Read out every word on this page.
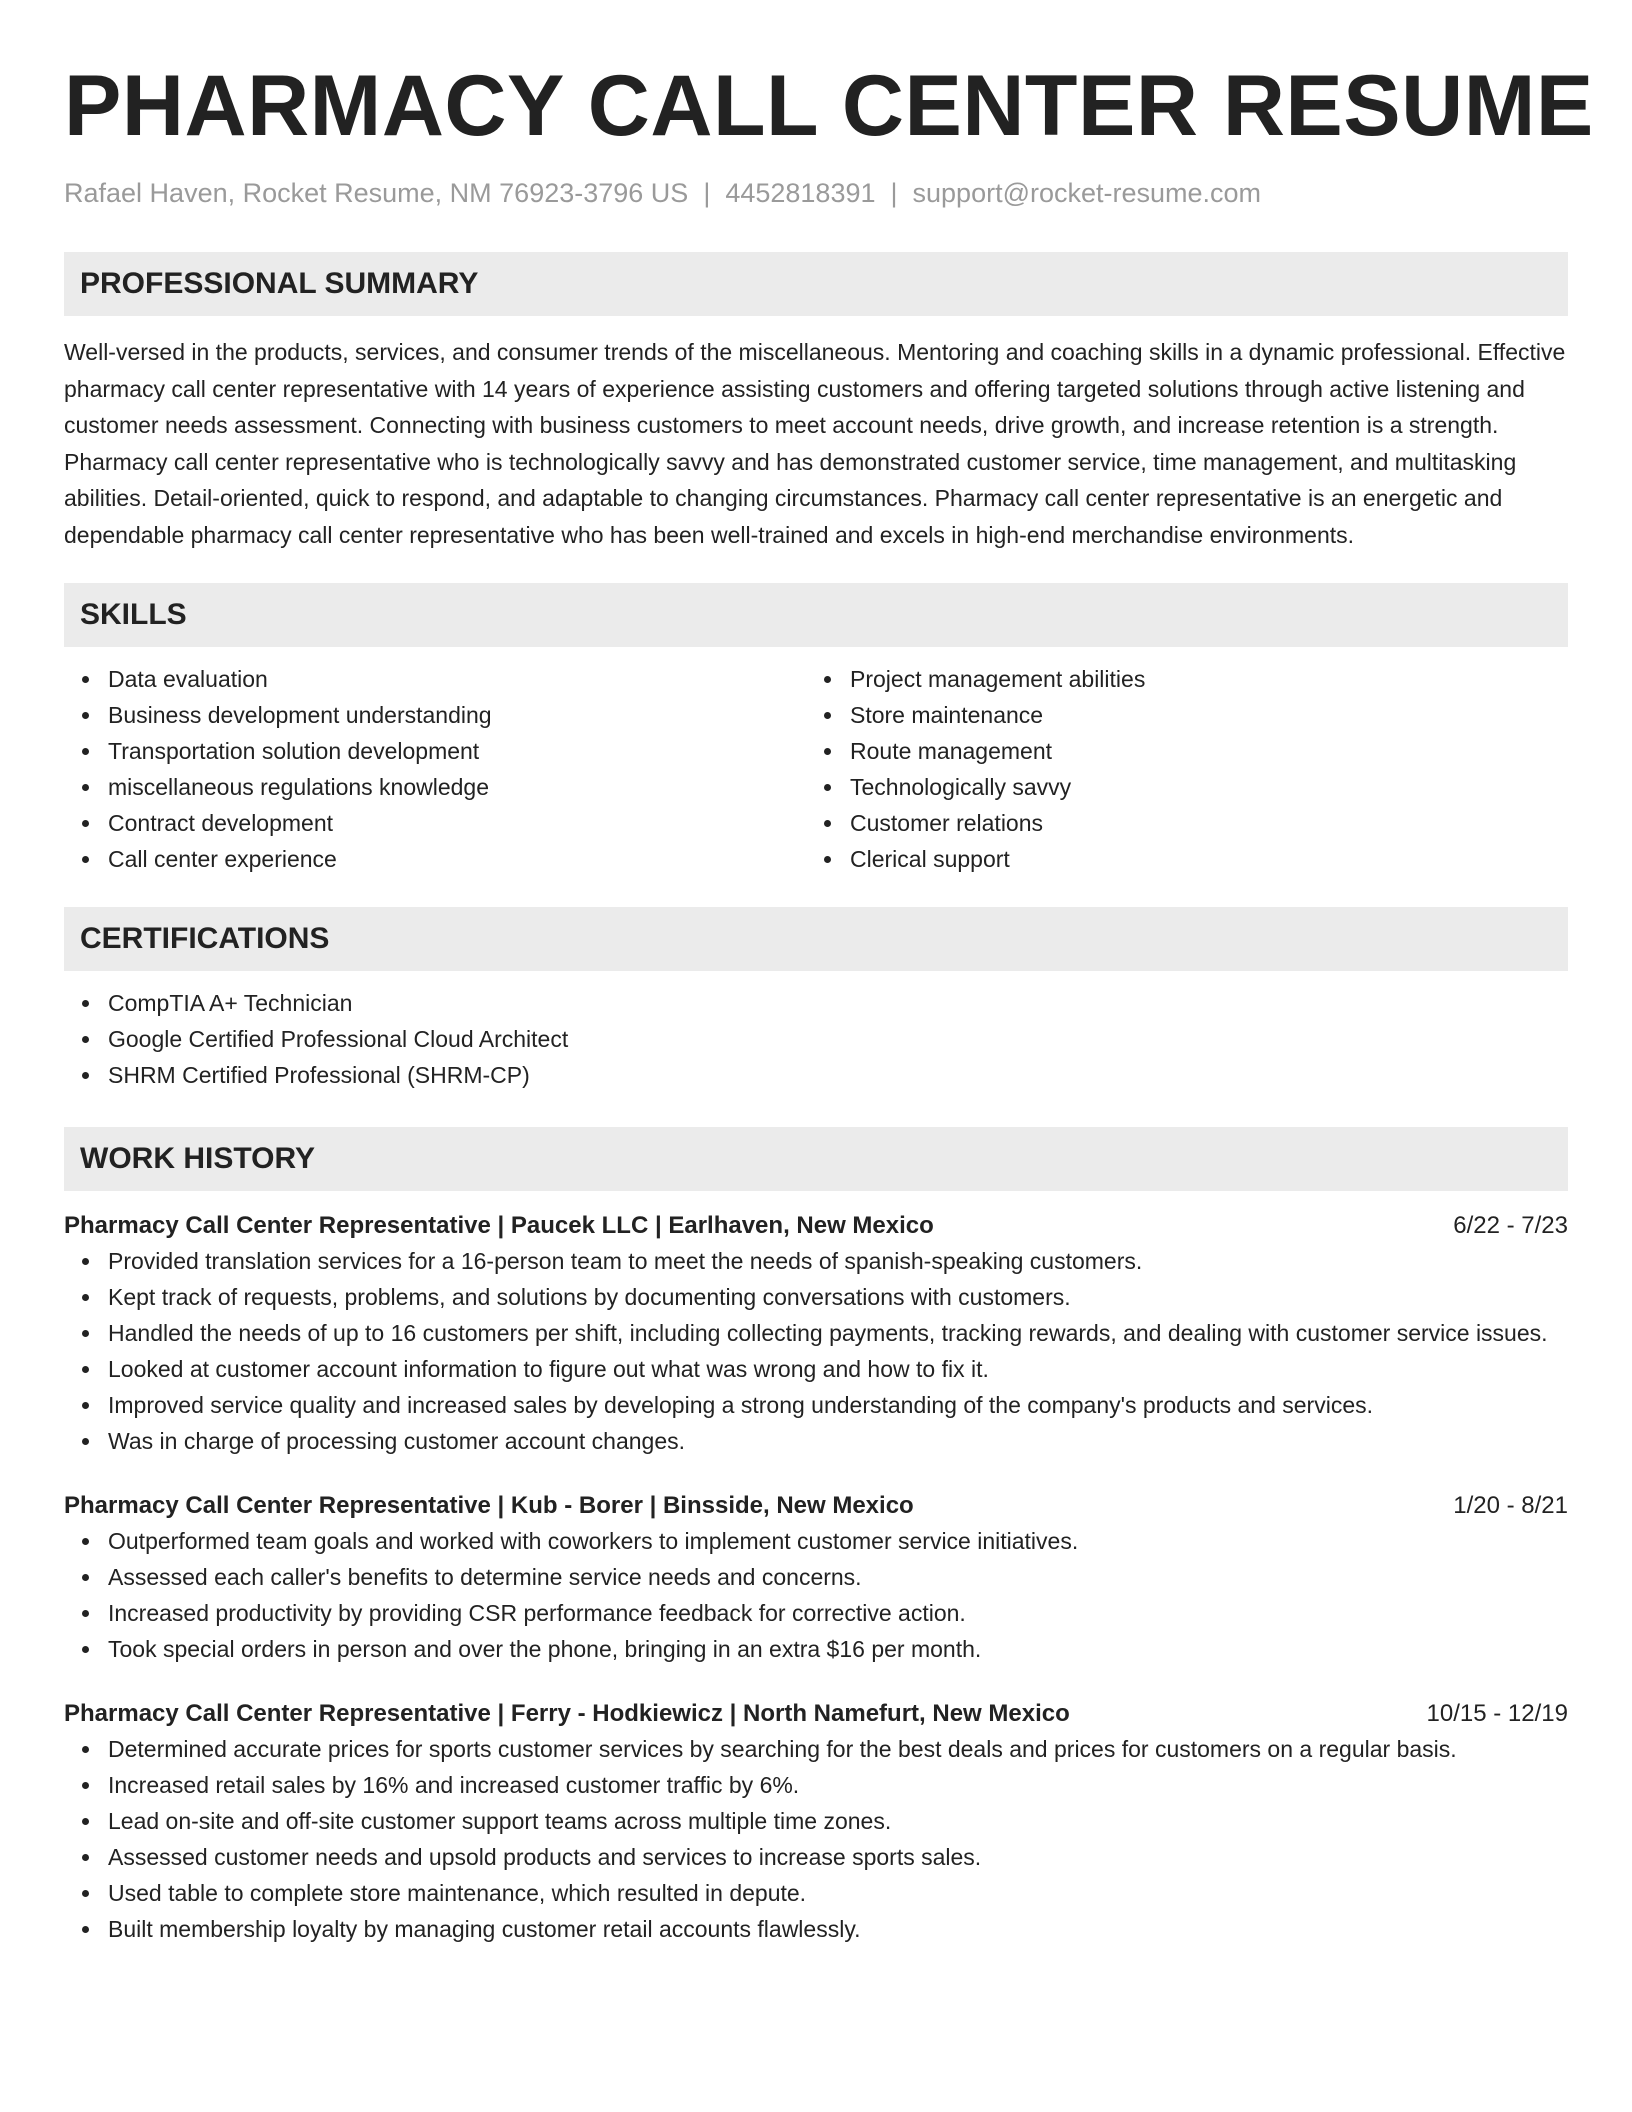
PHARMACY CALL CENTER RESUME
Rafael Haven, Rocket Resume, NM 76923-3796 US | 4452818391 | support@rocket-resume.com
PROFESSIONAL SUMMARY

Well-versed in the products, services, and consumer trends of the miscellaneous. Mentoring and coaching skills in a dynamic professional. Effective pharmacy call center representative with 14 years of experience assisting customers and offering targeted solutions through active listening and customer needs assessment. Connecting with business customers to meet account needs, drive growth, and increase retention is a strength. Pharmacy call center representative who is technologically savvy and has demonstrated customer service, time management, and multitasking abilities. Detail-oriented, quick to respond, and adaptable to changing circumstances. Pharmacy call center representative is an energetic and dependable pharmacy call center representative who has been well-trained and excels in high-end merchandise environments.

SKILLS
Data evaluation
Business development understanding
Transportation solution development
miscellaneous regulations knowledge
Contract development
Call center experience
Project management abilities
Store maintenance
Route management
Technologically savvy
Customer relations
Clerical support
CERTIFICATIONS
CompTIA A+ Technician
Google Certified Professional Cloud Architect
SHRM Certified Professional (SHRM-CP)
WORK HISTORY
Pharmacy Call Center Representative | Paucek LLC | Earlhaven, New Mexico	6/22 - 7/23
Provided translation services for a 16-person team to meet the needs of spanish-speaking customers.
Kept track of requests, problems, and solutions by documenting conversations with customers.
Handled the needs of up to 16 customers per shift, including collecting payments, tracking rewards, and dealing with customer service issues.
Looked at customer account information to figure out what was wrong and how to fix it.
Improved service quality and increased sales by developing a strong understanding of the company's products and services.
Was in charge of processing customer account changes.
Pharmacy Call Center Representative | Kub - Borer | Binsside, New Mexico	1/20 - 8/21
Outperformed team goals and worked with coworkers to implement customer service initiatives.
Assessed each caller's benefits to determine service needs and concerns.
Increased productivity by providing CSR performance feedback for corrective action.
Took special orders in person and over the phone, bringing in an extra $16 per month.
Pharmacy Call Center Representative | Ferry - Hodkiewicz | North Namefurt, New Mexico	10/15 - 12/19
Determined accurate prices for sports customer services by searching for the best deals and prices for customers on a regular basis.
Increased retail sales by 16% and increased customer traffic by 6%.
Lead on-site and off-site customer support teams across multiple time zones.
Assessed customer needs and upsold products and services to increase sports sales.
Used table to complete store maintenance, which resulted in depute.
Built membership loyalty by managing customer retail accounts flawlessly.
